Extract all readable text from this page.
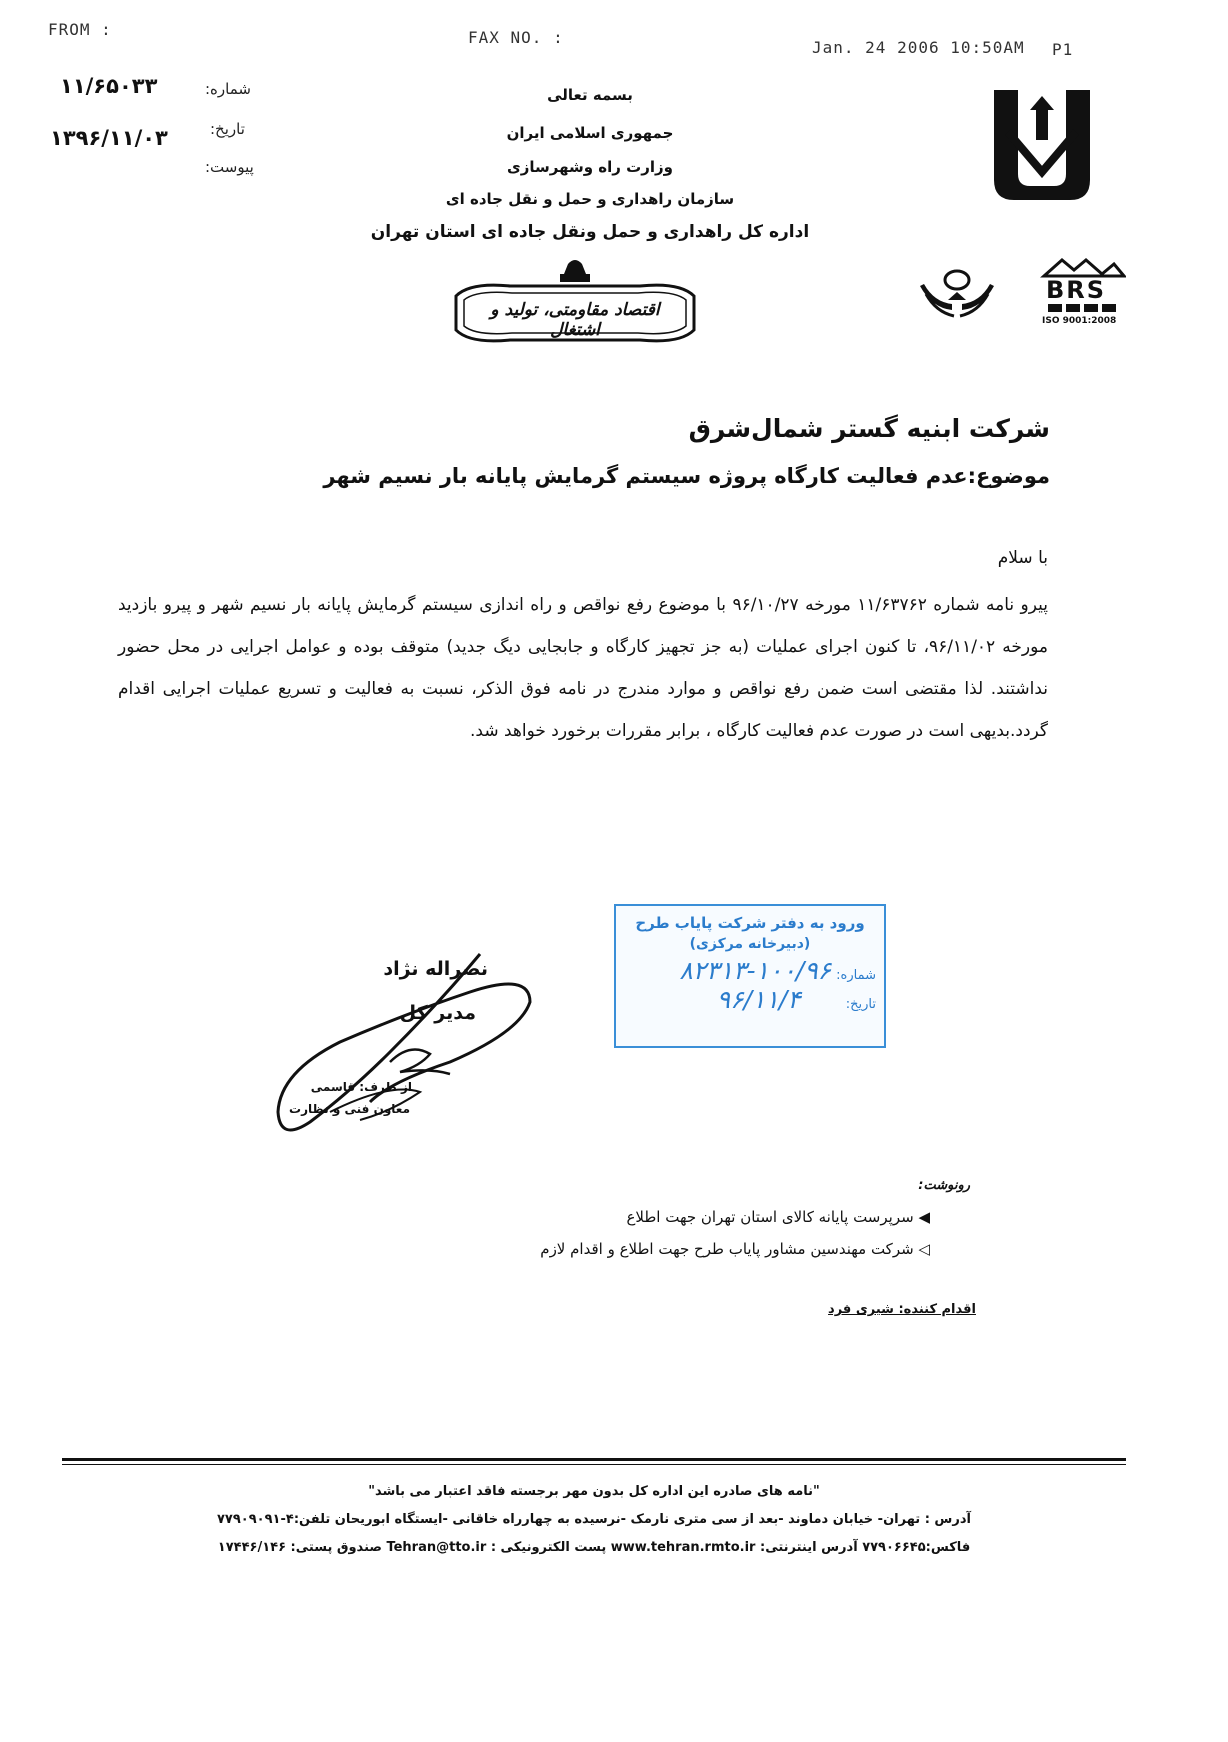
FROM :	FAX NO. :
Jan. 24 2006 10:50AM P1
۱۱/۶۵۰۳۳	شماره:
۱۳۹۶/۱۱/۰۳	تاریخ:
پیوست:
بسمه تعالی
جمهوری اسلامی ایران
وزارت راه وشهرسازی
سازمان راهداری و حمل و نقل جاده ای
اداره کل راهداری و حمل ونقل جاده ای استان تهران
اقتصاد مقاومتی، تولید و اشتغال
BRS
ISO 9001:2008
شرکت ابنیه گستر شمال‌شرق
موضوع:عدم فعالیت کارگاه پروژه سیستم گرمایش پایانه بار نسیم شهر
با سلام
پیرو نامه شماره ۱۱/۶۳۷۶۲ مورخه ۹۶/۱۰/۲۷ با موضوع رفع نواقص و راه اندازی سیستم گرمایش پایانه بار نسیم شهر و پیرو بازدید مورخه ۹۶/۱۱/۰۲، تا کنون اجرای عملیات (به جز تجهیز کارگاه و جابجایی دیگ جدید) متوقف بوده و عوامل اجرایی در محل حضور نداشتند. لذا مقتضی است ضمن رفع نواقص و موارد مندرج در نامه فوق الذکر، نسبت به فعالیت و تسریع عملیات اجرایی اقدام گردد.بدیهی است در صورت عدم فعالیت کارگاه ، برابر مقررات برخورد خواهد شد.
ورود به دفتر شرکت پایاب طرح
(دبیرخانه مرکزی)
شماره: ۱۰۰/۹۶-۸۲۳۱۳
تاریخ: ۹۶/۱۱/۴
نصراله نژاد
مدیر کل
از طرف: قاسمی
معاون فنی و نظارت
رونوشت:
◀ سرپرست پایانه کالای استان تهران جهت اطلاع
◁ شرکت مهندسین مشاور پایاب طرح جهت اطلاع و اقدام لازم
اقدام کننده: شیری فرد
"نامه های صادره این اداره کل بدون مهر برجسته فاقد اعتبار می باشد"
آدرس : تهران- خیابان دماوند -بعد از سی متری نارمک -نرسیده به چهارراه خاقانی -ایستگاه ابوریحان تلفن:۴-۷۷۹۰۹۰۹۱
فاکس:۷۷۹۰۶۶۴۵ آدرس اینترنتی: www.tehran.rmto.ir پست الکترونیکی : Tehran@tto.ir صندوق پستی: ۱۷۴۴۶/۱۴۶
